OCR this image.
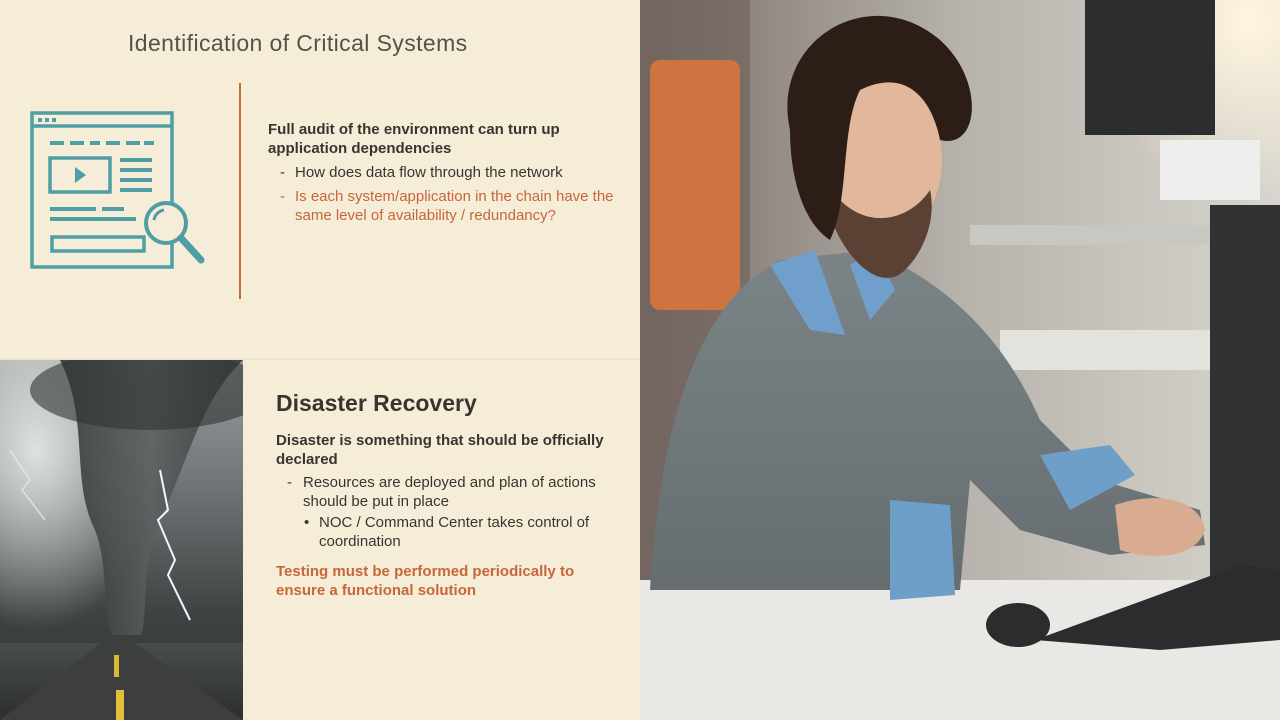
Identification of Critical Systems
Full audit of the environment can turn up application dependencies
- How does data flow through the network
- Is each system/application in the chain have the same level of availability / redundancy?
Disaster Recovery
Disaster is something that should be officially declared
- Resources are deployed and plan of actions should be put in place
• NOC / Command Center takes control of coordination
Testing must be performed periodically to ensure a functional solution
